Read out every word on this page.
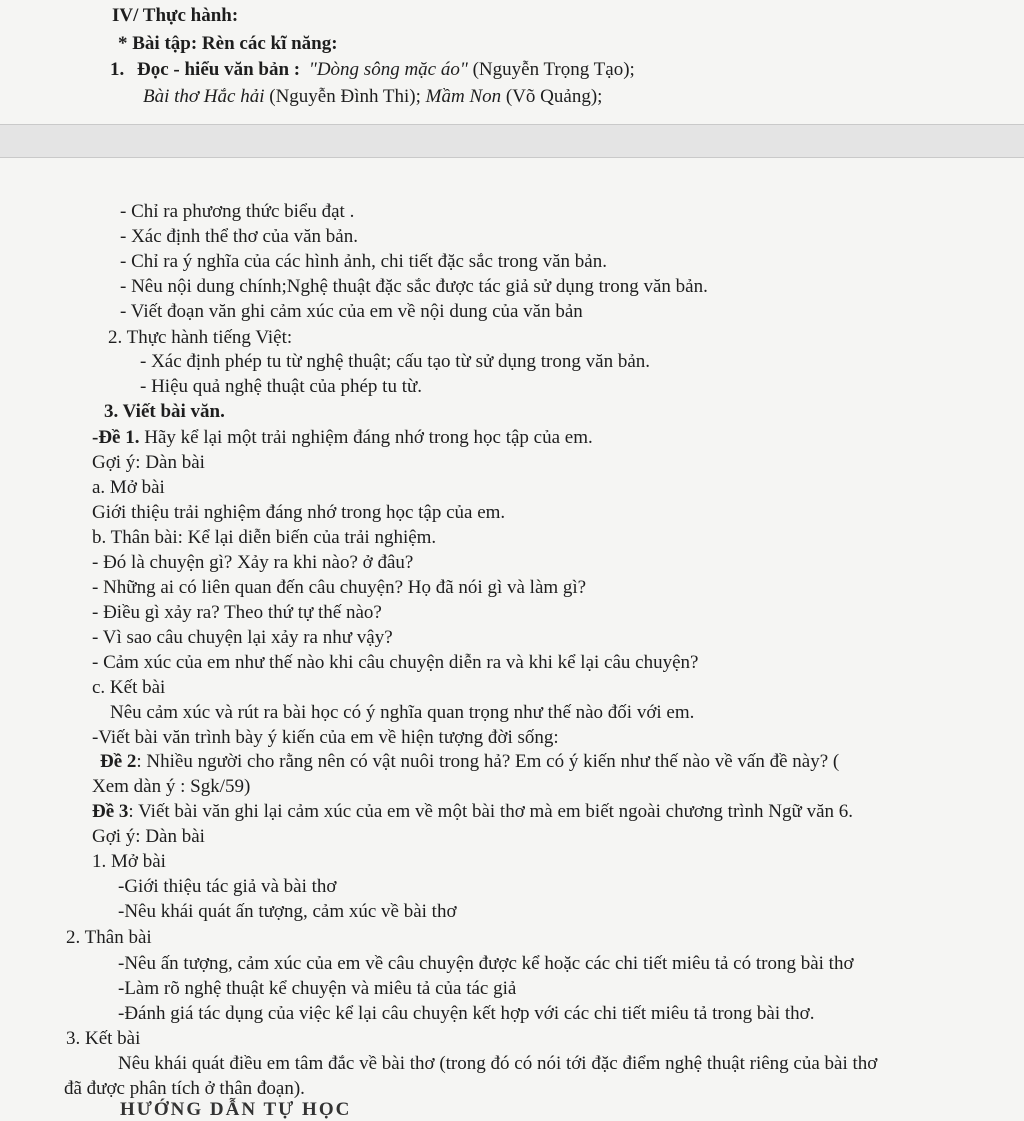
IV/ Thực hành:
* Bài tập: Rèn các kĩ năng:
1. Đọc - hiểu văn bản : "Dòng sông mặc áo" (Nguyễn Trọng Tạo);
Bài thơ Hắc hải (Nguyễn Đình Thi); Mầm Non (Võ Quảng);
- Chỉ ra phương thức biểu đạt .
- Xác định thể thơ của văn bản.
- Chỉ ra ý nghĩa của các hình ảnh, chi tiết đặc sắc trong văn bản.
- Nêu nội dung chính;Nghệ thuật đặc sắc được tác giả sử dụng trong văn bản.
- Viết đoạn văn ghi cảm xúc của em về nội dung của văn bản
2. Thực hành tiếng Việt:
- Xác định phép tu từ nghệ thuật; cấu tạo từ sử dụng trong văn bản.
- Hiệu quả nghệ thuật của phép tu từ.
3. Viết bài văn.
-Đề 1. Hãy kể lại một trải nghiệm đáng nhớ trong học tập của em.
Gợi ý: Dàn bài
a. Mở bài
Giới thiệu trải nghiệm đáng nhớ trong học tập của em.
b. Thân bài: Kể lại diễn biến của trải nghiệm.
- Đó là chuyện gì? Xảy ra khi nào? ở đâu?
- Những ai có liên quan đến câu chuyện? Họ đã nói gì và làm gì?
- Điều gì xảy ra? Theo thứ tự thế nào?
- Vì sao câu chuyện lại xảy ra như vậy?
- Cảm xúc của em như thế nào khi câu chuyện diễn ra và khi kể lại câu chuyện?
c. Kết bài
Nêu cảm xúc và rút ra bài học có ý nghĩa quan trọng như thế nào đối với em.
-Viết bài văn trình bày ý kiến của em về hiện tượng đời sống:
Đề 2: Nhiều người cho rằng nên có vật nuôi trong hả? Em có ý kiến như thế nào về vấn đề này? (
Xem dàn ý : Sgk/59)
Đề 3: Viết bài văn ghi lại cảm xúc của em về một bài thơ mà em biết ngoài chương trình Ngữ văn 6.
Gợi ý: Dàn bài
1. Mở bài
-Giới thiệu tác giả và bài thơ
-Nêu khái quát ấn tượng, cảm xúc về bài thơ
2. Thân bài
-Nêu ấn tượng, cảm xúc của em về câu chuyện được kể hoặc các chi tiết miêu tả có trong bài thơ
-Làm rõ nghệ thuật kể chuyện và miêu tả của tác giả
-Đánh giá tác dụng của việc kể lại câu chuyện kết hợp với các chi tiết miêu tả trong bài thơ.
3. Kết bài
Nêu khái quát điều em tâm đắc về bài thơ (trong đó có nói tới đặc điểm nghệ thuật riêng của bài thơ
đã được phân tích ở thân đoạn).
HƯỚNG DẪN TỰ HỌC
